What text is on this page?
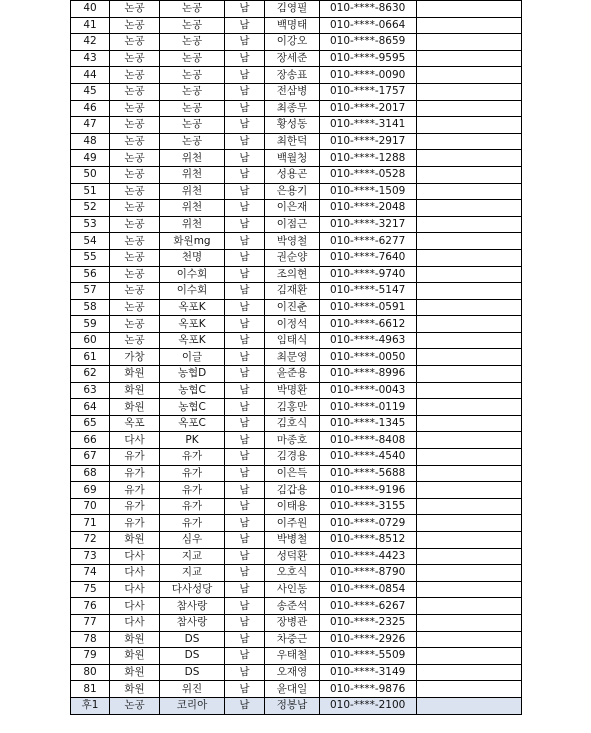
40	논공	논공	남	김영필	010-****-8630	
41	논공	논공	남	백명태	010-****-0664	
42	논공	논공	남	이강오	010-****-8659	
43	논공	논공	남	장세준	010-****-9595	
44	논공	논공	남	장송표	010-****-0090	
45	논공	논공	남	전삼병	010-****-1757	
46	논공	논공	남	최종무	010-****-2017	
47	논공	논공	남	황성동	010-****-3141	
48	논공	논공	남	최한덕	010-****-2917	
49	논공	위천	남	백월청	010-****-1288	
50	논공	위천	남	성용곤	010-****-0528	
51	논공	위천	남	은용기	010-****-1509	
52	논공	위천	남	이은재	010-****-2048	
53	논공	위천	남	이점근	010-****-3217	
54	논공	화원mg	남	박영철	010-****-6277	
55	논공	천명	남	권순양	010-****-7640	
56	논공	이수회	남	조의현	010-****-9740	
57	논공	이수회	남	김재환	010-****-5147	
58	논공	옥포K	남	이진춘	010-****-0591	
59	논공	옥포K	남	이정석	010-****-6612	
60	논공	옥포K	남	임태식	010-****-4963	
61	가창	이글	남	최문영	010-****-0050	
62	화원	농협D	남	윤준용	010-****-8996	
63	화원	농협C	남	박명환	010-****-0043	
64	화원	농협C	남	김홍만	010-****-0119	
65	옥포	옥포C	남	김호식	010-****-1345	
66	다사	PK	남	마종호	010-****-8408	
67	유가	유가	남	김경용	010-****-4540	
68	유가	유가	남	이은득	010-****-5688	
69	유가	유가	남	김갑용	010-****-9196	
70	유가	유가	남	이태용	010-****-3155	
71	유가	유가	남	이주원	010-****-0729	
72	화원	심우	남	박병철	010-****-8512	
73	다사	지교	남	성덕환	010-****-4423	
74	다사	지교	남	오호식	010-****-8790	
75	다사	다사성당	남	사인동	010-****-0854	
76	다사	참사랑	남	송준석	010-****-6267	
77	다사	참사랑	남	장병관	010-****-2325	
78	화원	DS	남	차중근	010-****-2926	
79	화원	DS	남	우태철	010-****-5509	
80	화원	DS	남	오재영	010-****-3149	
81	화원	위진	남	윤대일	010-****-9876	
후1	논공	코리아	남	정봉남	010-****-2100	
